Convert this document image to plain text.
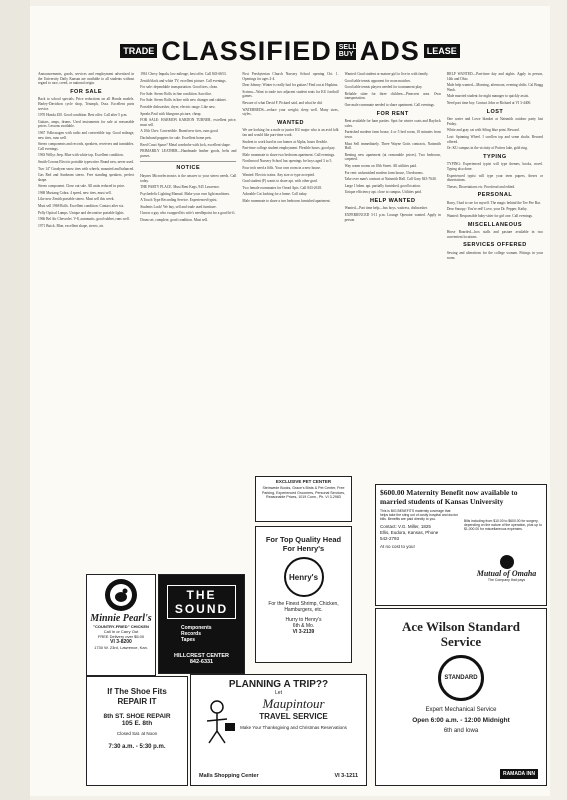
TRADE CLASSIFIED	SELL BUY ADS LEASE

Announcements, goods, services and employment advertised in the University Daily Kansan are available to all students without regard to race, creed, or national origin.

FOR SALE

Back to school specials. Price reductions on all Honda models. Harley-Davidson cycle shop, Triumph, Ossa. Excellent parts service.

1970 Honda 450. Good condition. Best offer. Call after 5 p.m.

Guitars, amps, drums. Used instruments for sale at reasonable prices. Lessons available.

1967 Volkswagen with radio and convertible top. Good mileage, new tires, runs well.

Stereo components and records, speakers, receivers and turntables. Call evenings.

1963 Willys Jeep. Blue with white top. Excellent condition.

Smith-Corona Electric portable typewriter. Brand new, never used.

Two 14" Goodyear snow tires with wheels, mounted and balanced.

Gas Red and Sunbeam stereo. Free standing speakers, perfect shape.

Stereo component. Close out sale. All units reduced in price.

1968 Mustang Cobra. 4 speed, new tires, must sell.

Like new Zenith portable stereo. Must sell this week.

Must sell 1968 Rolls. Excellent condition. Contact after six.

Pelly Optical Lamps. Unique and decorative portable lights.

1966 Bel Air Chevrolet. V-8, automatic, good rubber, runs well.

1971 Buick. Blue, excellent shape, stereo, air.

1961 Chevy Impala, low mileage, best offer. Call 843-6653.

Zenith black and white TV, excellent picture. Call evenings.

For sale: dependable transportation. Good tires, clean.

For Sale: Stereo Rolls in fine condition. Sacrifice.

For Sale: Stereo Rolls in line with new changer and cabinet.

Portable dishwasher, dryer, electric range. Like new.

Speaks Paul with bluegrass picture, cheap.

FOR SALE: HARMON KARDON TURNER, excellent price, must sell.

A 10th Chev. Convertible. Brand new tires, runs good.

Dachshund puppies for sale. Excellent home pets.

Reed Court Space? Metal wardrobe with lock, excellent shape.

PRIMARILY LEATHER—Handmade leather goods, belts and purses.

NOTICE

Haynes Microelectronics is the answer to your stereo needs. Call today.

THE PARTY PLACE. Must Rent Kegs, 945 Lawrence.

Psychedelic Lighting Manual. Make your own light machines.

A Touch Type Recording Service. Experienced typist.

Students Look! We buy, sell and trade used furniture.

I know a guy who swapped his wife's needlepoint for a good hi-fi.

Drum set, complete, good condition. Must sell.

First Presbyterian Church Nursery School opening Oct. 1. Openings for ages 2-4.

Dear Johnny: Winter is really bad for guitars! Find out at Hopkins.

Scrima—Want to trade two adjacent student seats for KU football games.

Beware of what David F. Pickard said, and what he did.

WATERBEDS—reduce your weight; sleep well. Many sizes, styles.

WANTED

We are looking for a male or junior KU major who is an avid folk fan and would like part-time work.

Student to work hard in our homes at Alpha, hours flexible.

Part-time college student employment. Flexible hours, good pay.

Male roommate to share two bedroom apartment. Call evenings.

Northwood Nursery School has openings for boys aged 3 to 5.

Four tech need a fifth. Your own room in a new house.

Wanted: Electric trains. Any size or type accepted.

Grad student (F) wants to share apt. with other grad.

Two female roommates for Oread Apts. Call 843-2618.

Adorable Cat looking for a home. Call today.

Male roommate to share a two bedroom furnished apartment.

Wanted: Grad student or mature girl to live in with family.

Good table tennis opponent for noon matches.

Good table tennis players needed for tournament play.

Reliable sitter for three children—Pinecrest area. Own transportation.

One male roommate needed to share apartment. Call evenings.

FOR RENT

Rent available for barn parties. Spot for winter coats and Baylock cafes.

Furnished modern farm house, 4 or 5 bed room, 10 minutes from town.

Must Sell immediately. Three Wayne Gotts contracts, Naismith Hall.

Renting new apartment (at reasonable prices). Two bedroom, carpeted.

Way warm rooms on 10th Street. All utilities paid.

For rent: unfurnished modern farm house, 3 bedrooms.

Take over man's contract at Naismith Hall. Call Gary 843-7640.

Large 1 bdrm. apt. partially furnished, good location.

Unique efficiency apt. close to campus. Utilities paid.

HELP WANTED

Wanted—Part time help—bus boys, waitress, dishwasher.

EXPERIENCED 3-11 p.m. Lounge Operator wanted. Apply in person.

HELP WANTED—Part-time day and nights. Apply in person, 14th and Ohio.

Male help wanted—Morning, afternoon, evening shifts. Cal Bragg Wash.

Male married student for night manager to quickly assist.

Need part time boy. Contact John or Richard at VI 3-4400.

LOST

One water and Lowe blanket at Naismith outdoor party last Friday.

White and gray cat with Siling blue print. Reward.

Lost: Spinning Wheel. I swollen top and some shafts. Reward offered.

Or: KU campus in the vicinity of Potters lake, gold ring.

TYPING

TYPING: Experienced typist will type themes, books, novel. Typing also done.

Experienced typist will type your term papers, theses or dissertations.

Theses, Dissertations etc. Proofread and edited.

PERSONAL

Barry, I had to see for myself. The magic behind the Tee Pee Bar.

Dear Snoopy: You're red! Love, your Dr. Pepper, Kathy.

Wanted: Responsible baby-sitter for girl one. Call evenings.

MISCELLANEOUS

Horse Boarded—box stalls and pasture available in two convenient locations.

SERVICES OFFERED

Sewing and alterations for the college woman. Fittings in your room.

Minnie Pearl's
"COUNTRY-FRIED" CHICKEN
Call In or Carry Out
FREE Delivery over $5.00
VI 3-8200
1730 W. 23rd, Lawrence, Kan.
THE SOUND
Components
Records
Tapes
HILLCREST CENTER
842-6331
For Top Quality Head For Henry's
Henry's
For the Finest Shrimp, Chicken, Hamburgers, etc.
Hurry to Henry's
6th & Mo.
VI 3-2139
EXCLUSIVE PET CENTER
Steinwede Books, Grace's Birds & Pet Center, Free Parking, Experienced Groomers, Personal Services, Reasonable Prices, 1019 Conn., Ph. VI 3-2983
If The Shoe Fits REPAIR IT
8th ST. SHOE REPAIR
105 E. 8th
Closed Sat. at Noon
7:30 a.m. - 5:30 p.m.
PLANNING A TRIP??
Let
Maupintour
TRAVEL SERVICE
Make Your Thanksgiving and Christmas Reservations
Malls Shopping Center	VI 3-1211
$600.00 Maternity Benefit now available to married students of Kansas University
This is BIG BENEFITS maternity coverage that helps take the sting out of costly hospital and doctor bills. Benefits are paid directly to you.
Contact: V.G. Miller, 1825 Ellis, Eudora, Kansas, Phone 542-2793
At no cost to you!
Bills including from $10.00 to $600.00 for surgery, depending on the nature of the operation, plus up to $1,000.00 for miscellaneous expenses.
Mutual of Omaha
The Company that pays
Ace Wilson Standard Service
STANDARD
Expert Mechanical Service
Open 6:00 a.m. - 12:00 Midnight
6th and Iowa
RAMADA INN
